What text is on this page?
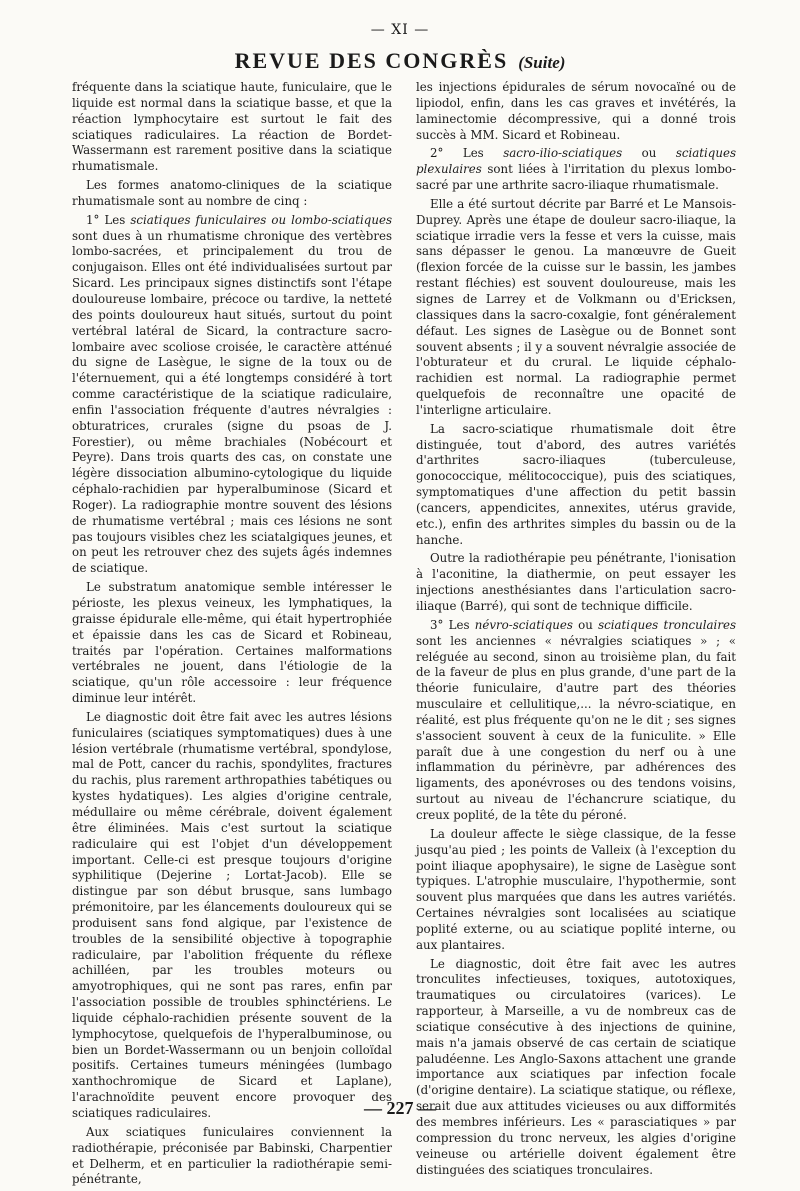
— XI —
REVUE DES CONGRÈS (Suite)

fréquente dans la sciatique haute, funiculaire, que le liquide est normal dans la sciatique basse, et que la réaction lymphocytaire est surtout le fait des sciatiques radiculaires. La réaction de Bordet-Wassermann est rarement positive dans la sciatique rhumatismale.

Les formes anatomo-cliniques de la sciatique rhumatismale sont au nombre de cinq :

1° Les sciatiques funiculaires ou lombo-sciatiques sont dues à un rhumatisme chronique des vertèbres lombo-sacrées, et principalement du trou de conjugaison. Elles ont été individualisées surtout par Sicard. Les principaux signes distinctifs sont l'étape douloureuse lombaire, précoce ou tardive, la netteté des points douloureux haut situés, surtout du point vertébral latéral de Sicard, la contracture sacro-lombaire avec scoliose croisée, le caractère atténué du signe de Lasègue, le signe de la toux ou de l'éternuement, qui a été longtemps considéré à tort comme caractéristique de la sciatique radiculaire, enfin l'association fréquente d'autres névralgies : obturatrices, crurales (signe du psoas de J. Forestier), ou même brachiales (Nobécourt et Peyre). Dans trois quarts des cas, on constate une légère dissociation albumino-cytologique du liquide céphalo-rachidien par hyperalbuminose (Sicard et Roger). La radiographie montre souvent des lésions de rhumatisme vertébral ; mais ces lésions ne sont pas toujours visibles chez les sciatalgiques jeunes, et on peut les retrouver chez des sujets âgés indemnes de sciatique.

Le substratum anatomique semble intéresser le périoste, les plexus veineux, les lymphatiques, la graisse épidurale elle-même, qui était hypertrophiée et épaissie dans les cas de Sicard et Robineau, traités par l'opération. Certaines malformations vertébrales ne jouent, dans l'étiologie de la sciatique, qu'un rôle accessoire : leur fréquence diminue leur intérêt.

Le diagnostic doit être fait avec les autres lésions funiculaires (sciatiques symptomatiques) dues à une lésion vertébrale (rhumatisme vertébral, spondylose, mal de Pott, cancer du rachis, spondylites, fractures du rachis, plus rarement arthropathies tabétiques ou kystes hydatiques). Les algies d'origine centrale, médullaire ou même cérébrale, doivent également être éliminées. Mais c'est surtout la sciatique radiculaire qui est l'objet d'un développement important. Celle-ci est presque toujours d'origine syphilitique (Dejerine ; Lortat-Jacob). Elle se distingue par son début brusque, sans lumbago prémonitoire, par les élancements douloureux qui se produisent sans fond algique, par l'existence de troubles de la sensibilité objective à topographie radiculaire, par l'abolition fréquente du réflexe achilléen, par les troubles moteurs ou amyotrophiques, qui ne sont pas rares, enfin par l'association possible de troubles sphinctériens. Le liquide céphalo-rachidien présente souvent de la lymphocytose, quelquefois de l'hyperalbuminose, ou bien un Bordet-Wassermann ou un benjoin colloïdal positifs. Certaines tumeurs méningées (lumbago xanthochromique de Sicard et Laplane), l'arachnoïdite peuvent encore provoquer des sciatiques radiculaires.

Aux sciatiques funiculaires conviennent la radiothérapie, préconisée par Babinski, Charpentier et Delherm, et en particulier la radiothérapie semi-pénétrante,

les injections épidurales de sérum novocaïné ou de lipiodol, enfin, dans les cas graves et invétérés, la laminectomie décompressive, qui a donné trois succès à MM. Sicard et Robineau.

2° Les sacro-ilio-sciatiques ou sciatiques plexulaires sont liées à l'irritation du plexus lombo-sacré par une arthrite sacro-iliaque rhumatismale.

Elle a été surtout décrite par Barré et Le Mansois-Duprey. Après une étape de douleur sacro-iliaque, la sciatique irradie vers la fesse et vers la cuisse, mais sans dépasser le genou. La manœuvre de Gueit (flexion forcée de la cuisse sur le bassin, les jambes restant fléchies) est souvent douloureuse, mais les signes de Larrey et de Volkmann ou d'Ericksen, classiques dans la sacro-coxalgie, font généralement défaut. Les signes de Lasègue ou de Bonnet sont souvent absents ; il y a souvent névralgie associée de l'obturateur et du crural. Le liquide céphalo-rachidien est normal. La radiographie permet quelquefois de reconnaître une opacité de l'interligne articulaire.

La sacro-sciatique rhumatismale doit être distinguée, tout d'abord, des autres variétés d'arthrites sacro-iliaques (tuberculeuse, gonococcique, mélitococcique), puis des sciatiques, symptomatiques d'une affection du petit bassin (cancers, appendicites, annexites, utérus gravide, etc.), enfin des arthrites simples du bassin ou de la hanche.

Outre la radiothérapie peu pénétrante, l'ionisation à l'aconitine, la diathermie, on peut essayer les injections anesthésiantes dans l'articulation sacro-iliaque (Barré), qui sont de technique difficile.

3° Les névro-sciatiques ou sciatiques tronculaires sont les anciennes « névralgies sciatiques » ; « reléguée au second, sinon au troisième plan, du fait de la faveur de plus en plus grande, d'une part de la théorie funiculaire, d'autre part des théories musculaire et cellulitique,... la névro-sciatique, en réalité, est plus fréquente qu'on ne le dit ; ses signes s'associent souvent à ceux de la funiculite. » Elle paraît due à une congestion du nerf ou à une inflammation du périnèvre, par adhérences des ligaments, des aponévroses ou des tendons voisins, surtout au niveau de l'échancrure sciatique, du creux poplité, de la tête du péroné.

La douleur affecte le siège classique, de la fesse jusqu'au pied ; les points de Valleix (à l'exception du point iliaque apophysaire), le signe de Lasègue sont typiques. L'atrophie musculaire, l'hypothermie, sont souvent plus marquées que dans les autres variétés. Certaines névralgies sont localisées au sciatique poplité externe, ou au sciatique poplité interne, ou aux plantaires.

Le diagnostic, doit être fait avec les autres tronculites infectieuses, toxiques, autotoxiques, traumatiques ou circulatoires (varices). Le rapporteur, à Marseille, a vu de nombreux cas de sciatique consécutive à des injections de quinine, mais n'a jamais observé de cas certain de sciatique paludéenne. Les Anglo-Saxons attachent une grande importance aux sciatiques par infection focale (d'origine dentaire). La sciatique statique, ou réflexe, serait due aux attitudes vicieuses ou aux difformités des membres inférieurs. Les « parasciatiques » par compression du tronc nerveux, les algies d'origine veineuse ou artérielle doivent également être distinguées des sciatiques tronculaires.

— 227 —
